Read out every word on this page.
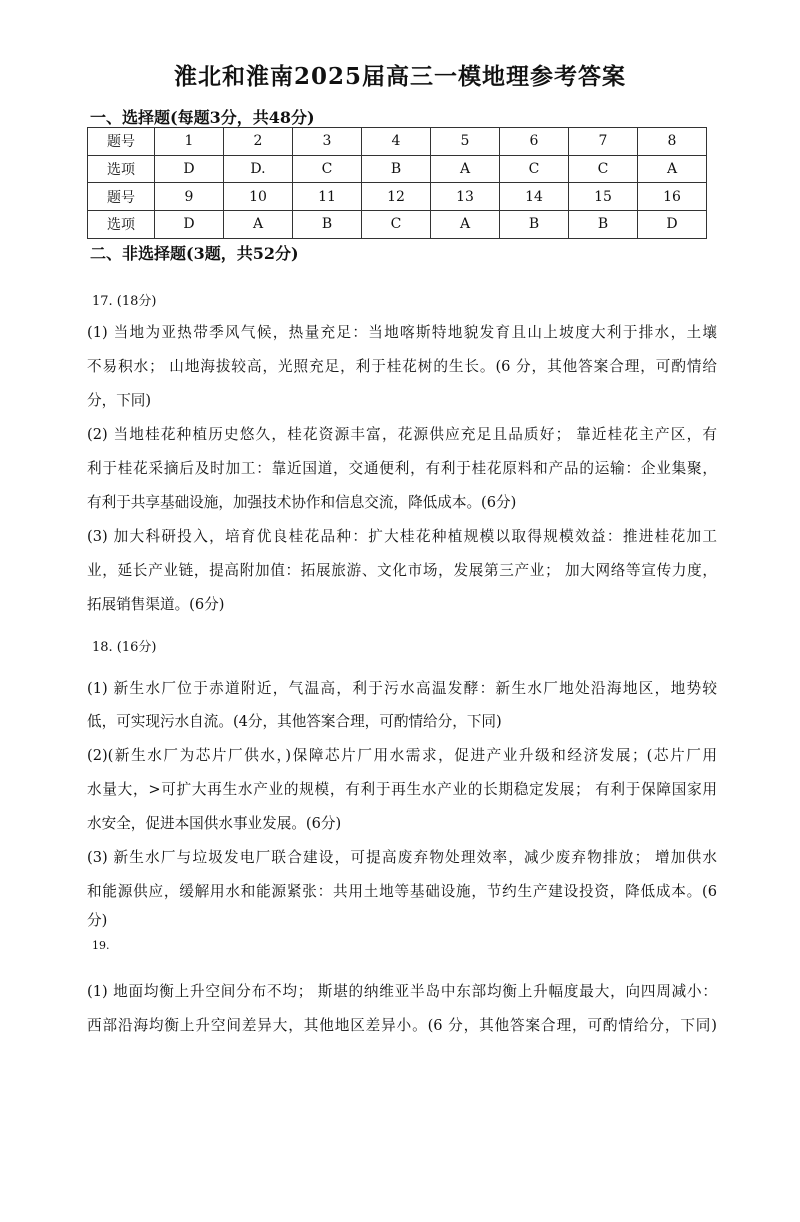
淮北和淮南2025届高三一模地理参考答案
一、选择题(每题3分，共48分)
题号	1	2	3	4	5	6	7	8
选项	D	D.	C	B	A	C	C	A
题号	9	10	11	12	13	14	15	16
选项	D	A	B	C	A	B	B	D
二、非选择题(3题，共52分)
17. (18分)
(1) 当地为亚热带季风气候，热量充足：当地喀斯特地貌发育且山上坡度大利于排水，土壤
不易积水； 山地海拔较高，光照充足，利于桂花树的生长。(6 分，其他答案合理，可酌情给
分，下同)
(2) 当地桂花种植历史悠久，桂花资源丰富，花源供应充足且品质好； 靠近桂花主产区，有
利于桂花采摘后及时加工：靠近国道，交通便利，有利于桂花原料和产品的运输：企业集聚，
有利于共享基础设施，加强技术协作和信息交流，降低成本。(6分)
(3) 加大科研投入，培育优良桂花品种：扩大桂花种植规模以取得规模效益：推进桂花加工
业，延长产业链，提高附加值：拓展旅游、文化市场，发展第三产业； 加大网络等宣传力度，
拓展销售渠道。(6分)
18. (16分)
(1) 新生水厂位于赤道附近，气温高，利于污水高温发酵：新生水厂地处沿海地区，地势较
低，可实现污水自流。(4分，其他答案合理，可酌情给分，下同)
(2)(新生水厂为芯片厂供水，)保障芯片厂用水需求，促进产业升级和经济发展；(芯片厂用
水量大，>可扩大再生水产业的规模，有利于再生水产业的长期稳定发展； 有利于保障国家用
水安全，促进本国供水事业发展。(6分)
(3) 新生水厂与垃圾发电厂联合建设，可提高废弃物处理效率，减少废弃物排放； 增加供水
和能源供应，缓解用水和能源紧张：共用土地等基础设施，节约生产建设投资，降低成本。(6
分)
19.
(1) 地面均衡上升空间分布不均； 斯堪的纳维亚半岛中东部均衡上升幅度最大，向四周减小：
西部沿海均衡上升空间差异大，其他地区差异小。(6 分，其他答案合理，可酌情给分，下同)
